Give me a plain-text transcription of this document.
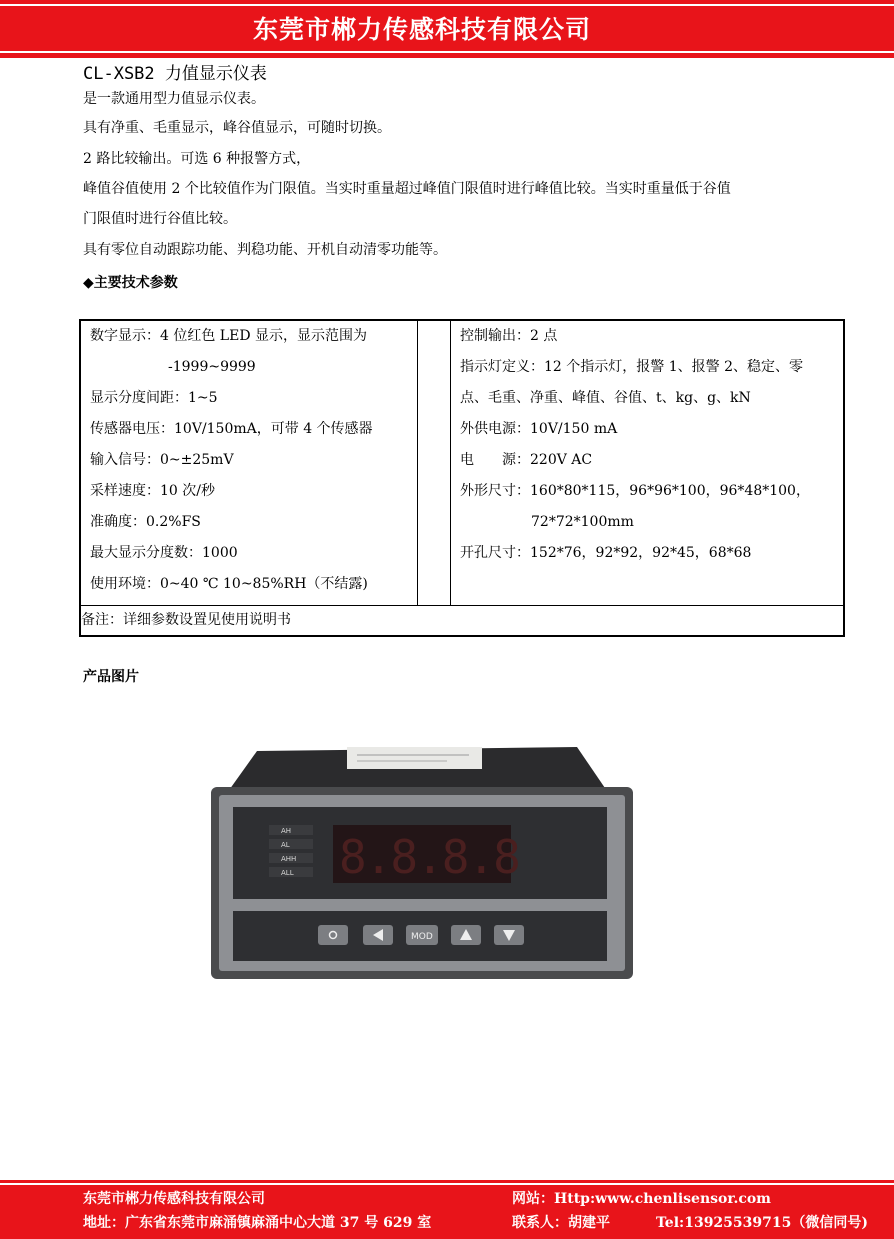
东莞市郴力传感科技有限公司
CL-XSB2 力值显示仪表
是一款通用型力值显示仪表。
具有净重、毛重显示，峰谷值显示，可随时切换。
2 路比较输出。可选 6 种报警方式，
峰值谷值使用 2 个比较值作为门限值。当实时重量超过峰值门限值时进行峰值比较。当实时重量低于谷值
门限值时进行谷值比较。
具有零位自动跟踪功能、判稳功能、开机自动清零功能等。
◆主要技术参数
数字显示：4 位红色 LED 显示，显示范围为
-1999~9999
显示分度间距：1~5
传感器电压：10V/150mA，可带 4 个传感器
输入信号：0~±25mV
采样速度：10 次/秒
准确度：0.2%FS
最大显示分度数：1000
使用环境：0~40 ℃ 10~85%RH（不结露)

控制输出：2 点
指示灯定义：12 个指示灯，报警 1、报警 2、稳定、零
点、毛重、净重、峰值、谷值、t、kg、g、kN
外供电源：10V/150 mA
电　　源：220V AC
外形尺寸：160*80*115，96*96*100，96*48*100，
72*72*100mm
开孔尺寸：152*76，92*92，92*45，68*68

备注：详细参数设置见使用说明书
产品图片
AH
AL
AHH
ALL 8.8.8.8
MOD
东莞市郴力传感科技有限公司
地址：广东省东莞市麻涌镇麻涌中心大道 37 号 629 室
网站：Http:www.chenlisensor.com
联系人：胡建平	Tel:13925539715（微信同号)
